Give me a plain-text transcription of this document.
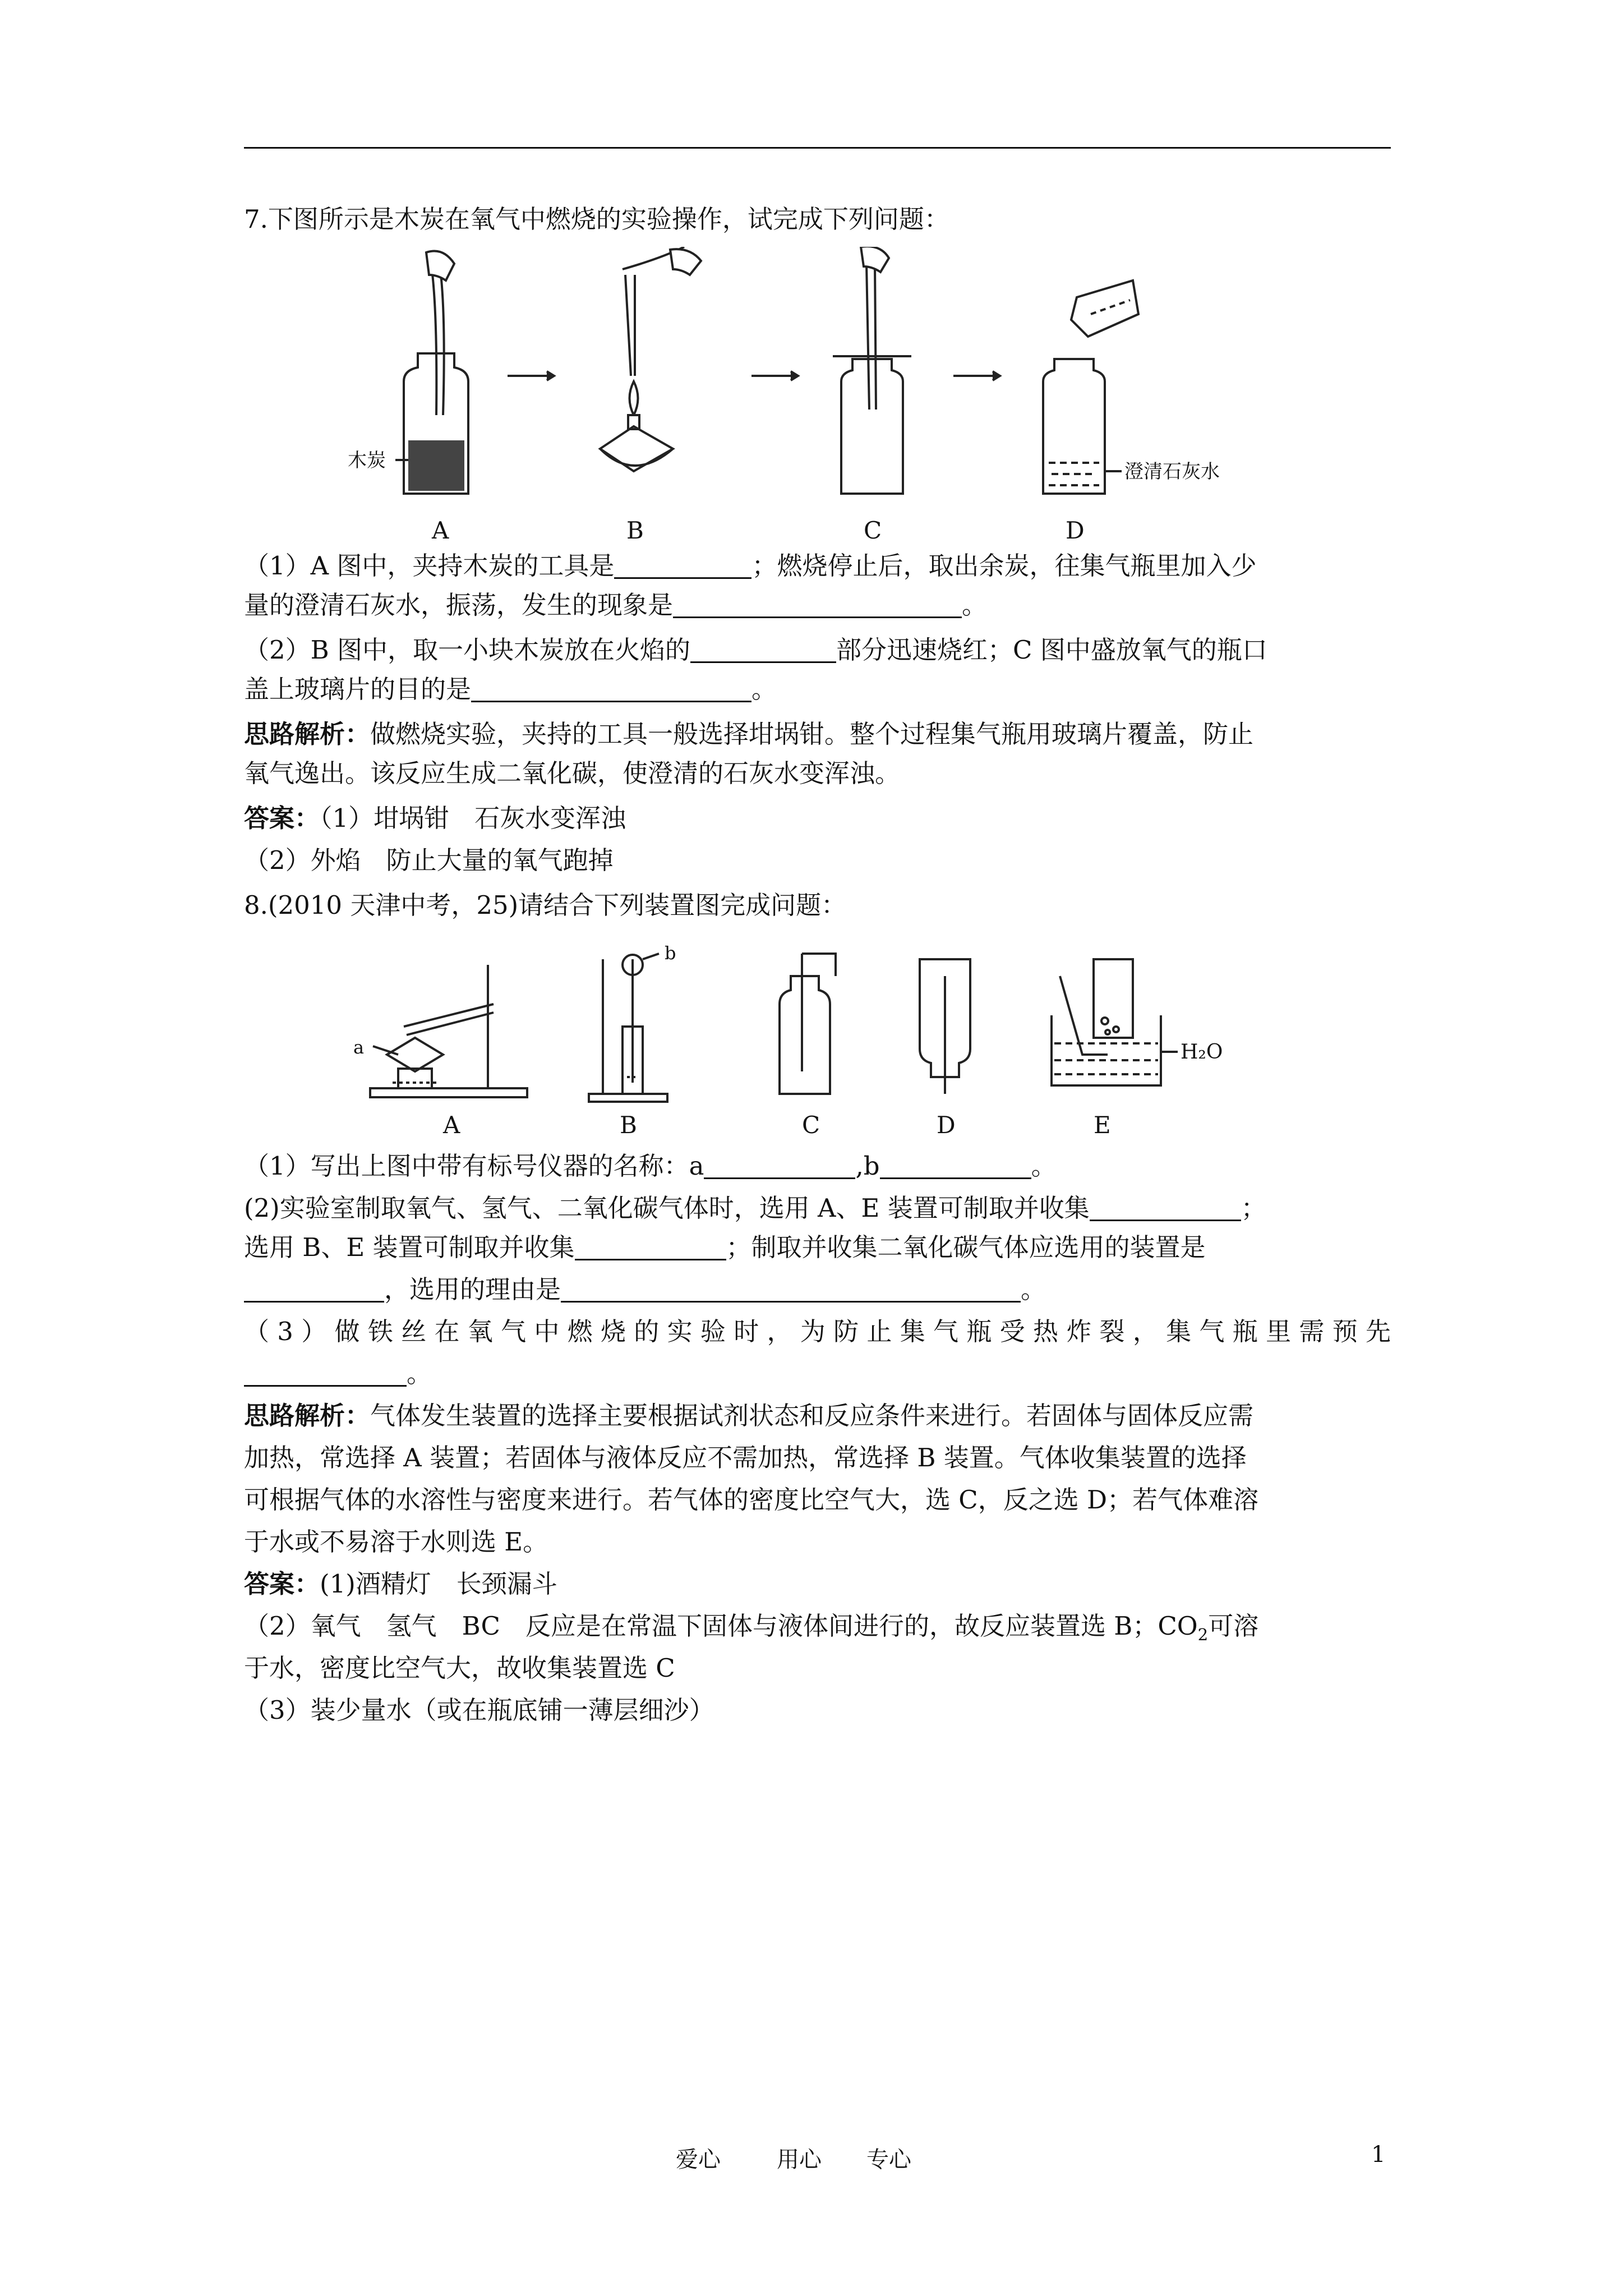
7.下图所示是木炭在氧气中燃烧的实验操作，试完成下列问题：
A	B	C	D
木炭	澄清石灰水
（1）A 图中，夹持木炭的工具是	；燃烧停止后，取出余炭，往集气瓶里加入少
量的澄清石灰水，振荡，发生的现象是	。
（2）B 图中，取一小块木炭放在火焰的	部分迅速烧红；C 图中盛放氧气的瓶口
盖上玻璃片的目的是	。
思路解析：做燃烧实验，夹持的工具一般选择坩埚钳。整个过程集气瓶用玻璃片覆盖，防止
氧气逸出。该反应生成二氧化碳，使澄清的石灰水变浑浊。
答案：（1）坩埚钳　石灰水变浑浊
（2）外焰　防止大量的氧气跑掉
8.(2010 天津中考，25)请结合下列装置图完成问题：
a
b
H₂O
A	B	C	D	E
（1）写出上图中带有标号仪器的名称：a	,b	。
(2)实验室制取氧气、氢气、二氧化碳气体时，选用 A、E 装置可制取并收集	；
选用 B、E 装置可制取并收集	；制取并收集二氧化碳气体应选用的装置是
，选用的理由是	。
（3）做铁丝在氧气中燃烧的实验时，为防止集气瓶受热炸裂，集气瓶里需预先
。
思路解析：气体发生装置的选择主要根据试剂状态和反应条件来进行。若固体与固体反应需
加热，常选择 A 装置；若固体与液体反应不需加热，常选择 B 装置。气体收集装置的选择
可根据气体的水溶性与密度来进行。若气体的密度比空气大，选 C，反之选 D；若气体难溶
于水或不易溶于水则选 E。
答案：(1)酒精灯　长颈漏斗
（2）氧气　氢气　BC　反应是在常温下固体与液体间进行的，故反应装置选 B；$CO_2$可溶
于水，密度比空气大，故收集装置选 C
（3）装少量水（或在瓶底铺一薄层细沙）
爱心	用心 专心	1
